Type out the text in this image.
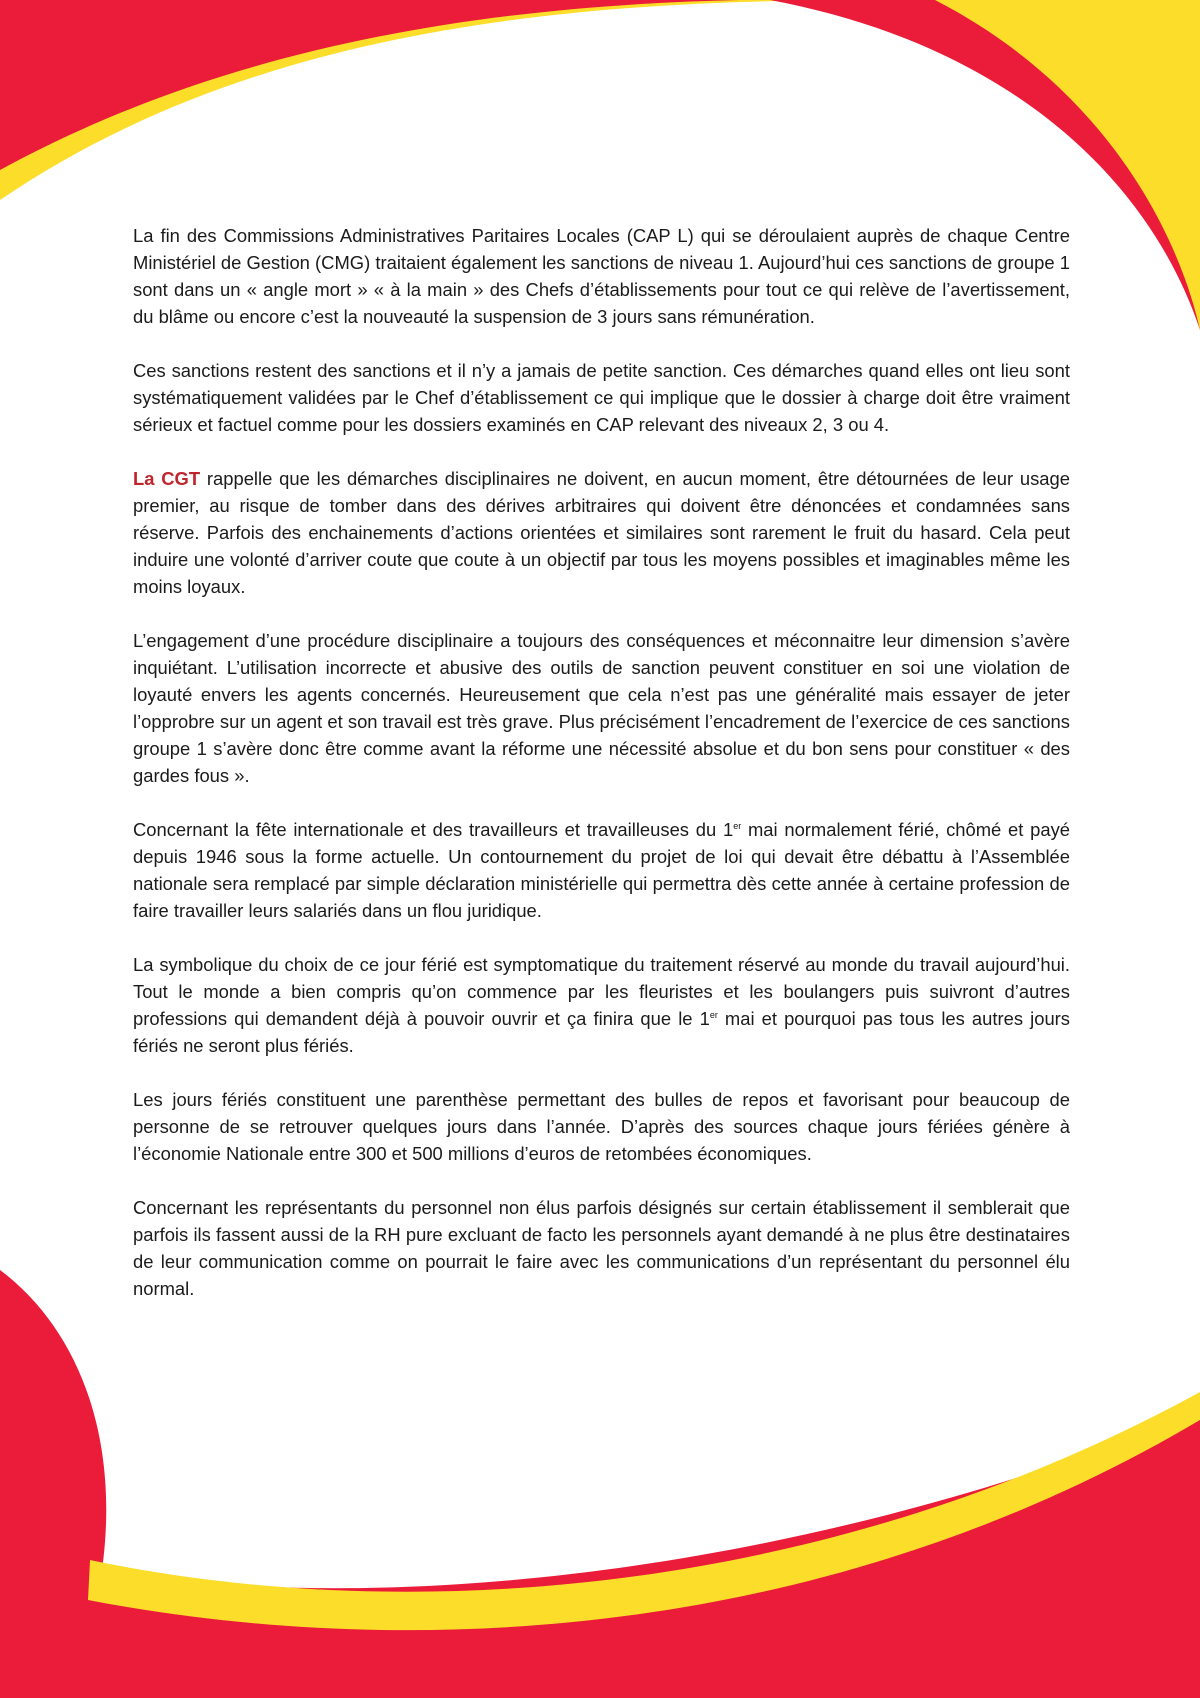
La fin des Commissions Administratives Paritaires Locales (CAP L) qui se déroulaient auprès de chaque Centre Ministériel de Gestion (CMG) traitaient également les sanctions de niveau 1. Aujourd’hui ces sanctions de groupe 1 sont dans un « angle mort » « à la main » des Chefs d’établissements pour tout ce qui relève de l’avertissement, du blâme ou encore c’est la nouveauté la suspension de 3 jours sans rémunération.

Ces sanctions restent des sanctions et il n’y a jamais de petite sanction. Ces démarches quand elles ont lieu sont systématiquement validées par le Chef d’établissement ce qui implique que le dossier à charge doit être vraiment sérieux et factuel comme pour les dossiers examinés en CAP relevant des niveaux 2, 3 ou 4.

La CGT rappelle que les démarches disciplinaires ne doivent, en aucun moment, être détournées de leur usage premier, au risque de tomber dans des dérives arbitraires qui doivent être dénoncées et condamnées sans réserve. Parfois des enchainements d’actions orientées et similaires sont rarement le fruit du hasard. Cela peut induire une volonté d’arriver coute que coute à un objectif par tous les moyens possibles et imaginables même les moins loyaux.

L’engagement d’une procédure disciplinaire a toujours des conséquences et méconnaitre leur dimension s’avère inquiétant. L’utilisation incorrecte et abusive des outils de sanction peuvent constituer en soi une violation de loyauté envers les agents concernés. Heureusement que cela n’est pas une généralité mais essayer de jeter l’opprobre sur un agent et son travail est très grave. Plus précisément l’encadrement de l’exercice de ces sanctions groupe 1 s’avère donc être comme avant la réforme une nécessité absolue et du bon sens pour constituer « des gardes fous ».

Concernant la fête internationale et des travailleurs et travailleuses du 1er mai normalement férié, chômé et payé depuis 1946 sous la forme actuelle. Un contournement du projet de loi qui devait être débattu à l’Assemblée nationale sera remplacé par simple déclaration ministérielle qui permettra dès cette année à certaine profession de faire travailler leurs salariés dans un flou juridique.

La symbolique du choix de ce jour férié est symptomatique du traitement réservé au monde du travail aujourd’hui. Tout le monde a bien compris qu’on commence par les fleuristes et les boulangers puis suivront d’autres professions qui demandent déjà à pouvoir ouvrir et ça finira que le 1er mai et pourquoi pas tous les autres jours fériés ne seront plus fériés.

Les jours fériés constituent une parenthèse permettant des bulles de repos et favorisant pour beaucoup de personne de se retrouver quelques jours dans l’année. D’après des sources chaque jours fériées génère à l’économie Nationale entre 300 et 500 millions d’euros de retombées économiques.

Concernant les représentants du personnel non élus parfois désignés sur certain établissement il semblerait que parfois ils fassent aussi de la RH pure excluant de facto les personnels ayant demandé à ne plus être destinataires de leur communication comme on pourrait le faire avec les communications d’un représentant du personnel élu normal.
